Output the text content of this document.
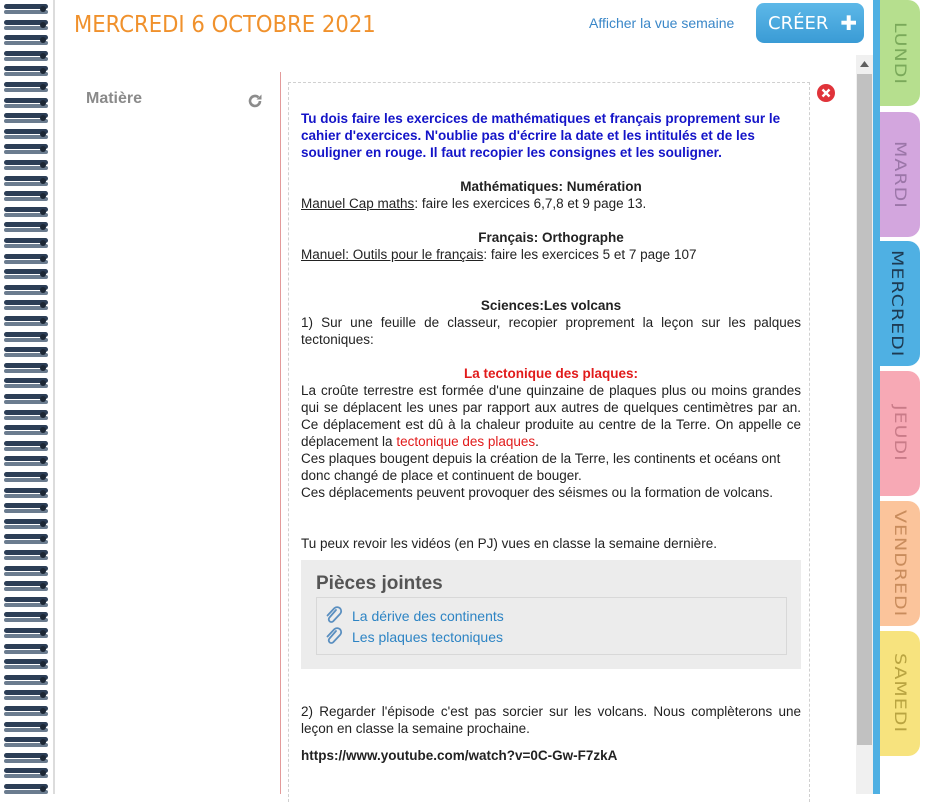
MERCREDI 6 OCTOBRE 2021	Afficher la vue semaine CRÉER ✚
Matière
Tu dois faire les exercices de mathématiques et français proprement sur le cahier d'exercices. N'oublie pas d'écrire la date et les intitulés et de les souligner en rouge. Il faut recopier les consignes et les souligner.
Mathématiques: Numération
Manuel Cap maths: faire les exercices 6,7,8 et 9 page 13.
Français: Orthographe
Manuel: Outils pour le français: faire les exercices 5 et 7 page 107
Sciences:Les volcans
1) Sur une feuille de classeur, recopier proprement la leçon sur les palques tectoniques:
La tectonique des plaques:
La croûte terrestre est formée d'une quinzaine de plaques plus ou moins grandes qui se déplacent les unes par rapport aux autres de quelques centimètres par an. Ce déplacement est dû à la chaleur produite au centre de la Terre. On appelle ce déplacement la tectonique des plaques.
Ces plaques bougent depuis la création de la Terre, les continents et océans ont donc changé de place et continuent de bouger.
Ces déplacements peuvent provoquer des séismes ou la formation de volcans.
Tu peux revoir les vidéos (en PJ) vues en classe la semaine dernière.
Pièces jointes
La dérive des continents
Les plaques tectoniques
2) Regarder l'épisode c'est pas sorcier sur les volcans. Nous complèterons une leçon en classe la semaine prochaine.
https://www.youtube.com/watch?v=0C-Gw-F7zkA
LUNDI
MARDI
MERCREDI
JEUDI
VENDREDI
SAMEDI
